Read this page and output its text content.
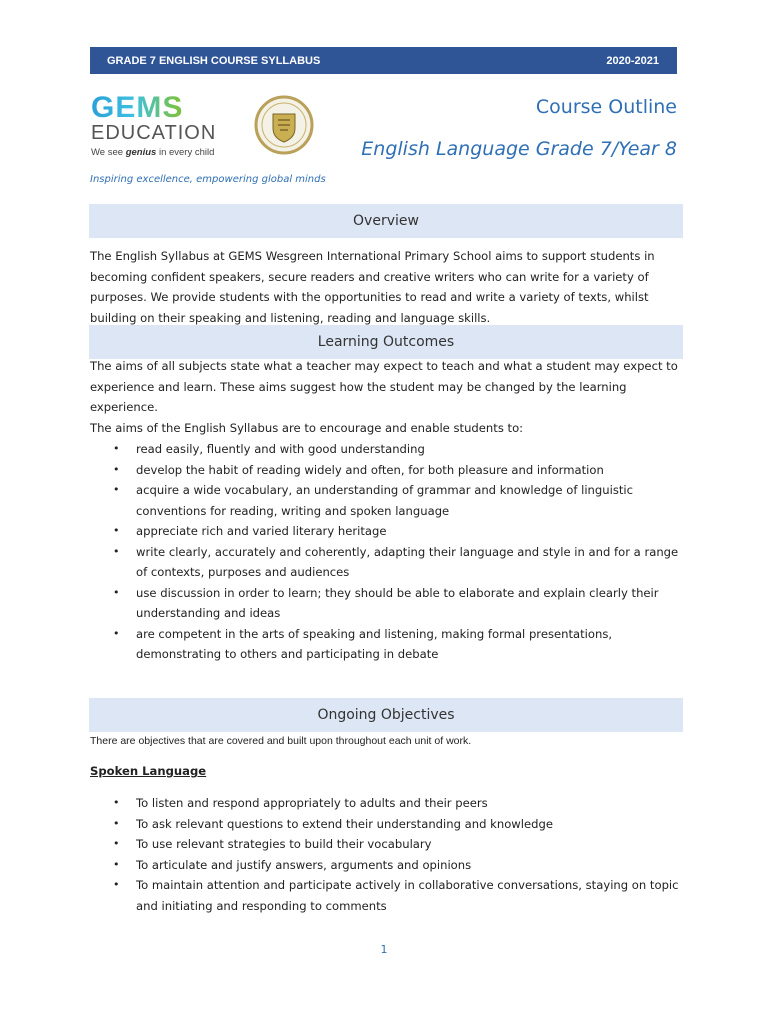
GRADE 7 ENGLISH COURSE SYLLABUS	2020-2021
GEMS
EDUCATION
We see genius in every child
Course Outline
English Language Grade 7/Year 8
Inspiring excellence, empowering global minds
Overview
The English Syllabus at GEMS Wesgreen International Primary School aims to support students in becoming confident speakers, secure readers and creative writers who can write for a variety of purposes. We provide students with the opportunities to read and write a variety of texts, whilst building on their speaking and listening, reading and language skills.
Learning Outcomes
The aims of all subjects state what a teacher may expect to teach and what a student may expect to experience and learn. These aims suggest how the student may be changed by the learning experience.
The aims of the English Syllabus are to encourage and enable students to:
• read easily, fluently and with good understanding
• develop the habit of reading widely and often, for both pleasure and information
• acquire a wide vocabulary, an understanding of grammar and knowledge of linguistic conventions for reading, writing and spoken language
• appreciate rich and varied literary heritage
• write clearly, accurately and coherently, adapting their language and style in and for a range of contexts, purposes and audiences
• use discussion in order to learn; they should be able to elaborate and explain clearly their understanding and ideas
• are competent in the arts of speaking and listening, making formal presentations, demonstrating to others and participating in debate
Ongoing Objectives
There are objectives that are covered and built upon throughout each unit of work.
Spoken Language
• To listen and respond appropriately to adults and their peers
• To ask relevant questions to extend their understanding and knowledge
• To use relevant strategies to build their vocabulary
• To articulate and justify answers, arguments and opinions
• To maintain attention and participate actively in collaborative conversations, staying on topic and initiating and responding to comments
1
